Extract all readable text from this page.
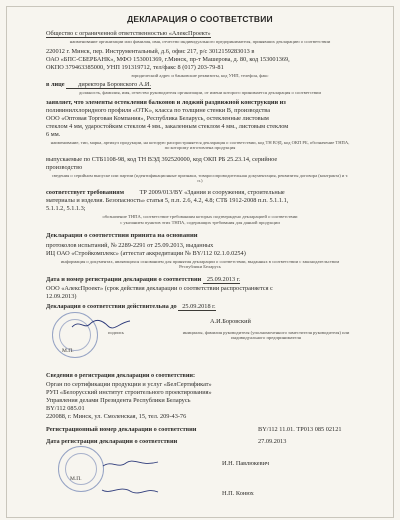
ДЕКЛАРАЦИЯ О СООТВЕТСТВИИ
Общество с ограниченной ответственностью «АлексПроект»
наименование организации или фамилия, имя, отчество индивидуального предпринимателя, принявших декларацию о соответствии
220012 г. Минск, пер. Инструментальный, д.6, офис 217, р/с 3012159283013 в
ОАО «БПС-СБЕРБАНК», МФО 153001369, г.Минск, пр-т Машерова, д. 80, код 153001369,
ОКПО 379463385000, УНП 191319712, тел/факс 8 (017) 203-79-81
юридический адрес и банковские реквизиты, код УНП, телефон, факс
в лице директора Боровского А.И.
должность, фамилия, имя, отчество руководителя организации, от имени которого принимается декларация о соответствии
заявляет, что элементы остекления балконов и лоджий раздвижной конструкции из
поливинилхлоридного профиля «OTK», класса по толщине стенки В, производства
ООО «Оптовая Торговая Компания», Республика Беларусь, остекленные листовым
стеклом 4 мм, ударостойким стеклом 4 мм., закаленным стеклом 4 мм., листовым стеклом
6 мм.
наименование, тип, марка, артикул продукции, на которую распространяется декларация о соответствии, код ТН ВЭД, код ОКП РБ, обозначение ТНПА, по которому изготовлена продукция
выпускаемые по СТБ1108-98, код ТН ВЭД 392520000, код ОКП РБ 25.23.14, серийное
производство
сведения о серийном выпуске или партии (идентификационные признаки, товаросопроводительная документация, реквизиты договора (контракта) и т. п.)
соответствует требованиям ТР 2009/013/BY «Здания и сооружения, строительные
материалы и изделия. Безопасность» статья 5, п.п. 2.6, 4.2, 4.8; СТБ 1912-2008 п.п. 5.1.1.1,
5.1.1.2, 5.1.1.3;
обозначение ТНПА, соответствие требованиям которых подтверждено декларацией о соответствии
с указанием пунктов этих ТНПА, содержащих требования для данной продукции
Декларация о соответствии принята на основании
протоколов испытаний, № 2289-2291 от 25.09.2013, выданных
ИЦ ОАО «Стройкомплекс» (аттестат аккредитации № BY/112 02.1.0.0254)
информация о документах, являющихся основанием для принятия декларации о соответствии, выданных в соответствии с законодательством Республики Беларусь
Дата и номер регистрации декларации о соответствии 25.09.2013 г.
ООО «АлексПроект» (срок действия декларации о соответствии распространяется с
12.09.2013)
Декларация о соответствии действительна до 25.09.2018 г.
А.И.Боровский
подпись	инициалы, фамилия руководителя (уполномоченного заместителя руководителя) или индивидуального предпринимателя
М.П.
Сведения о регистрации декларации о соответствии:
Орган по сертификации продукции и услуг «БелСертификат»
РУП «Белорусский институт строительного проектирования»
Управления делами Президента Республики Беларусь
BY/112 085.01
220088, г. Минск, ул. Смоленская, 15, тел. 209-43-76
Регистрационный номер декларации о соответствии	BY/112 11.01. ТР013 085 02121
Дата регистрации декларации о соответствии	27.09.2013
И.Н. Павлюкевич
Н.П. Конюх
М.П.
